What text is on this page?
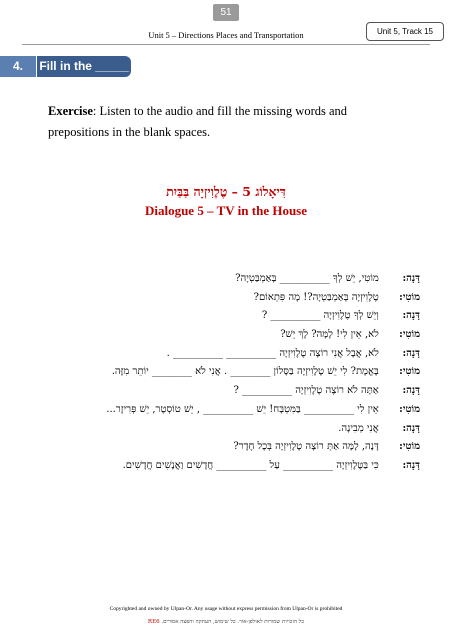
51
Unit 5, Track 15
Unit 5 – Directions Places and Transportation
4.	Fill in the _____
Exercise: Listen to the audio and fill the missing words and prepositions in the blank spaces.
דִּיאָלוֹג 5 – טֶלֶוִיזְיָה בַּבַּיִת
Dialogue 5 – TV in the House
דָּנָה: מוֹטִי, יֵשׁ לְךָ __________ בָּאַמְבַּטְיָה?
מוֹטִי: טֶלֶוִיזְיָה בָּאַמְבַּטְיָה?! מָה פִּתְאוֹם?
דָּנָה: וְיֵשׁ לְךָ טֶלֶוִיזְיָה __________ ?
מוֹטִי: לֹא, אֵין לִי! לָמָּה? לָךְ יֵשׁ?
דָּנָה: לֹא, אֲבָל אֲנִי רוֹצָה טֶלֶוִיזְיָה __________ __________ .
מוֹטִי: בֶּאֱמֶת? לִי יֵשׁ טֶלֶוִיזְיָה בַּסָּלוֹן ________ . אֲנִי לֹא ________ יוֹתֵר מִזֶּה.
דָּנָה: אַתָּה לֹא רוֹצֶה טֶלֶוִיזְיָה __________ ?
מוֹטִי: אֵין לִי __________ בַּמִּטְבָּח! יֵשׁ __________ , יֵשׁ טוֹסְטֶר, יֵשׁ פְּרִיזֶר...
דָּנָה: אֲנִי מְבִינָה.
מוֹטִי: דָּנָה, לָמָּה אַתְּ רוֹצָה טֶלֶוִיזְיָה בְּכָל חֶדֶר?
דָּנָה: כִּי בַּטֶּלֶוִיזְיָה __________ עַל __________ חֲדָשִׁים וַאֲנָשִׁים חֲדָשִׁים.
Copyrighted and owned by Ulpan-Or. Any usage without express permission from Ulpan-Or is prohibited
כל הזכויות שמורות לאולפן-אור. כל שימוש, העתקה והפצה אסורים. RE6
